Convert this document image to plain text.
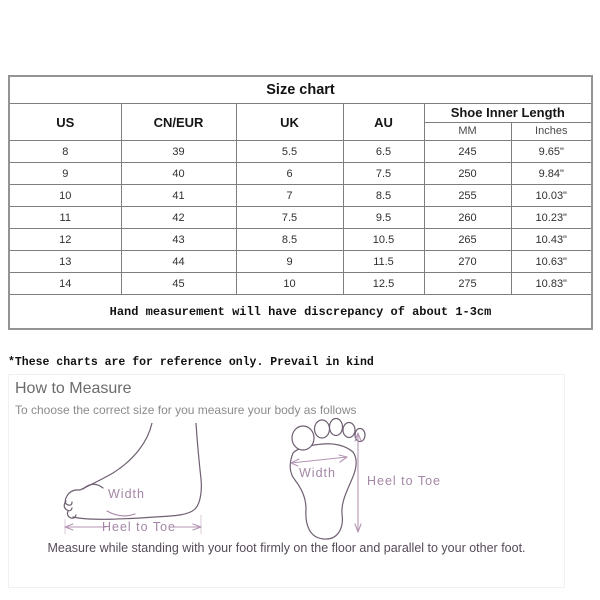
Size chart					
US	CN/EUR	UK	AU	Shoe Inner Length	
				MM	Inches
8	39	5.5	6.5	245	9.65"
9	40	6	7.5	250	9.84"
10	41	7	8.5	255	10.03"
11	42	7.5	9.5	260	10.23"
12	43	8.5	10.5	265	10.43"
13	44	9	11.5	270	10.63"
14	45	10	12.5	275	10.83"
Hand measurement will have discrepancy of about 1-3cm					
*These charts are for reference only. Prevail in kind
How to Measure
To choose the correct size for you measure your body as follows
Measure while standing with your foot firmly on the floor and parallel to your other foot.
Width
Heel to Toe
Width
Heel to Toe
